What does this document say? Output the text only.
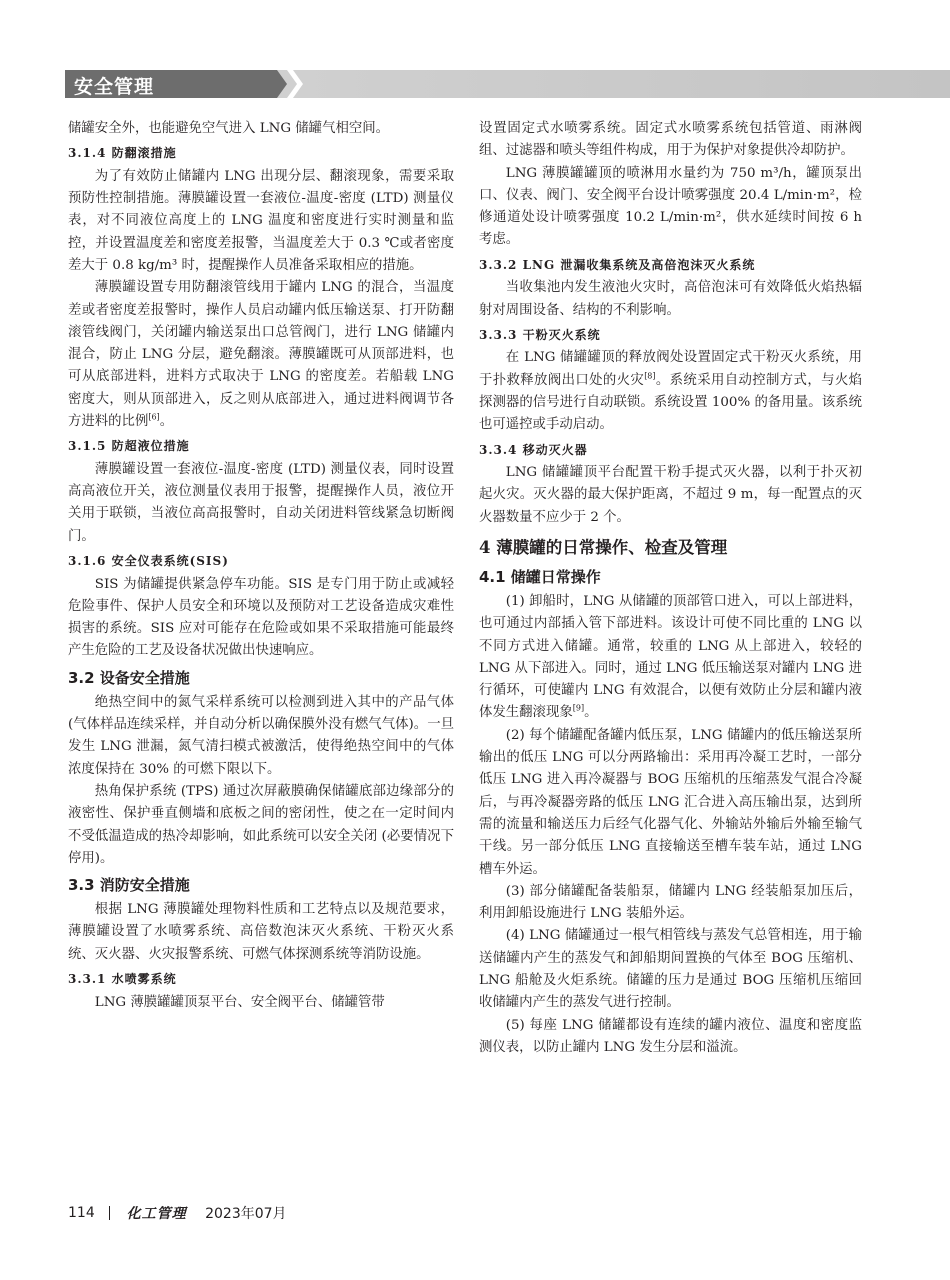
安全管理

储罐安全外，也能避免空气进入 LNG 储罐气相空间。

3.1.4 防翻滚措施

为了有效防止储罐内 LNG 出现分层、翻滚现象，需要采取预防性控制措施。薄膜罐设置一套液位-温度-密度 (LTD) 测量仪表，对不同液位高度上的 LNG 温度和密度进行实时测量和监控，并设置温度差和密度差报警，当温度差大于 0.3 ℃或者密度差大于 0.8 kg/m³ 时，提醒操作人员准备采取相应的措施。

薄膜罐设置专用防翻滚管线用于罐内 LNG 的混合，当温度差或者密度差报警时，操作人员启动罐内低压输送泵、打开防翻滚管线阀门，关闭罐内输送泵出口总管阀门，进行 LNG 储罐内混合，防止 LNG 分层，避免翻滚。薄膜罐既可从顶部进料，也可从底部进料，进料方式取决于 LNG 的密度差。若船载 LNG 密度大，则从顶部进入，反之则从底部进入，通过进料阀调节各方进料的比例[6]。

3.1.5 防超液位措施

薄膜罐设置一套液位-温度-密度 (LTD) 测量仪表，同时设置高高液位开关，液位测量仪表用于报警，提醒操作人员，液位开关用于联锁，当液位高高报警时，自动关闭进料管线紧急切断阀门。

3.1.6 安全仪表系统(SIS)

SIS 为储罐提供紧急停车功能。SIS 是专门用于防止或减轻危险事件、保护人员安全和环境以及预防对工艺设备造成灾难性损害的系统。SIS 应对可能存在危险或如果不采取措施可能最终产生危险的工艺及设备状况做出快速响应。

3.2 设备安全措施

绝热空间中的氮气采样系统可以检测到进入其中的产品气体 (气体样品连续采样，并自动分析以确保膜外没有燃气气体)。一旦发生 LNG 泄漏，氮气清扫模式被激活，使得绝热空间中的气体浓度保持在 30% 的可燃下限以下。

热角保护系统 (TPS) 通过次屏蔽膜确保储罐底部边缘部分的液密性、保护垂直侧墙和底板之间的密闭性，使之在一定时间内不受低温造成的热冷却影响，如此系统可以安全关闭 (必要情况下停用)。

3.3 消防安全措施

根据 LNG 薄膜罐处理物料性质和工艺特点以及规范要求，薄膜罐设置了水喷雾系统、高倍数泡沫灭火系统、干粉灭火系统、灭火器、火灾报警系统、可燃气体探测系统等消防设施。

3.3.1 水喷雾系统

LNG 薄膜罐罐顶泵平台、安全阀平台、储罐管带

设置固定式水喷雾系统。固定式水喷雾系统包括管道、雨淋阀组、过滤器和喷头等组件构成，用于为保护对象提供冷却防护。

LNG 薄膜罐罐顶的喷淋用水量约为 750 m³/h，罐顶泵出口、仪表、阀门、安全阀平台设计喷雾强度 20.4 L/min·m²，检修通道处设计喷雾强度 10.2 L/min·m²，供水延续时间按 6 h 考虑。

3.3.2 LNG 泄漏收集系统及高倍泡沫灭火系统

当收集池内发生液池火灾时，高倍泡沫可有效降低火焰热辐射对周围设备、结构的不利影响。

3.3.3 干粉灭火系统

在 LNG 储罐罐顶的释放阀处设置固定式干粉灭火系统，用于扑救释放阀出口处的火灾[8]。系统采用自动控制方式，与火焰探测器的信号进行自动联锁。系统设置 100% 的备用量。该系统也可遥控或手动启动。

3.3.4 移动灭火器

LNG 储罐罐顶平台配置干粉手提式灭火器，以利于扑灭初起火灾。灭火器的最大保护距离，不超过 9 m，每一配置点的灭火器数量不应少于 2 个。

4 薄膜罐的日常操作、检查及管理
4.1 储罐日常操作

(1) 卸船时，LNG 从储罐的顶部管口进入，可以上部进料，也可通过内部插入管下部进料。该设计可使不同比重的 LNG 以不同方式进入储罐。通常，较重的 LNG 从上部进入，较轻的 LNG 从下部进入。同时，通过 LNG 低压输送泵对罐内 LNG 进行循环，可使罐内 LNG 有效混合，以便有效防止分层和罐内液体发生翻滚现象[9]。

(2) 每个储罐配备罐内低压泵，LNG 储罐内的低压输送泵所输出的低压 LNG 可以分两路输出：采用再冷凝工艺时，一部分低压 LNG 进入再冷凝器与 BOG 压缩机的压缩蒸发气混合冷凝后，与再冷凝器旁路的低压 LNG 汇合进入高压输出泵，达到所需的流量和输送压力后经气化器气化、外输站外输后外输至输气干线。另一部分低压 LNG 直接输送至槽车装车站，通过 LNG 槽车外运。

(3) 部分储罐配备装船泵，储罐内 LNG 经装船泵加压后，利用卸船设施进行 LNG 装船外运。

(4) LNG 储罐通过一根气相管线与蒸发气总管相连，用于输送储罐内产生的蒸发气和卸船期间置换的气体至 BOG 压缩机、LNG 船舱及火炬系统。储罐的压力是通过 BOG 压缩机压缩回收储罐内产生的蒸发气进行控制。

(5) 每座 LNG 储罐都设有连续的罐内液位、温度和密度监测仪表，以防止罐内 LNG 发生分层和溢流。

114 化工管理 2023年07月
